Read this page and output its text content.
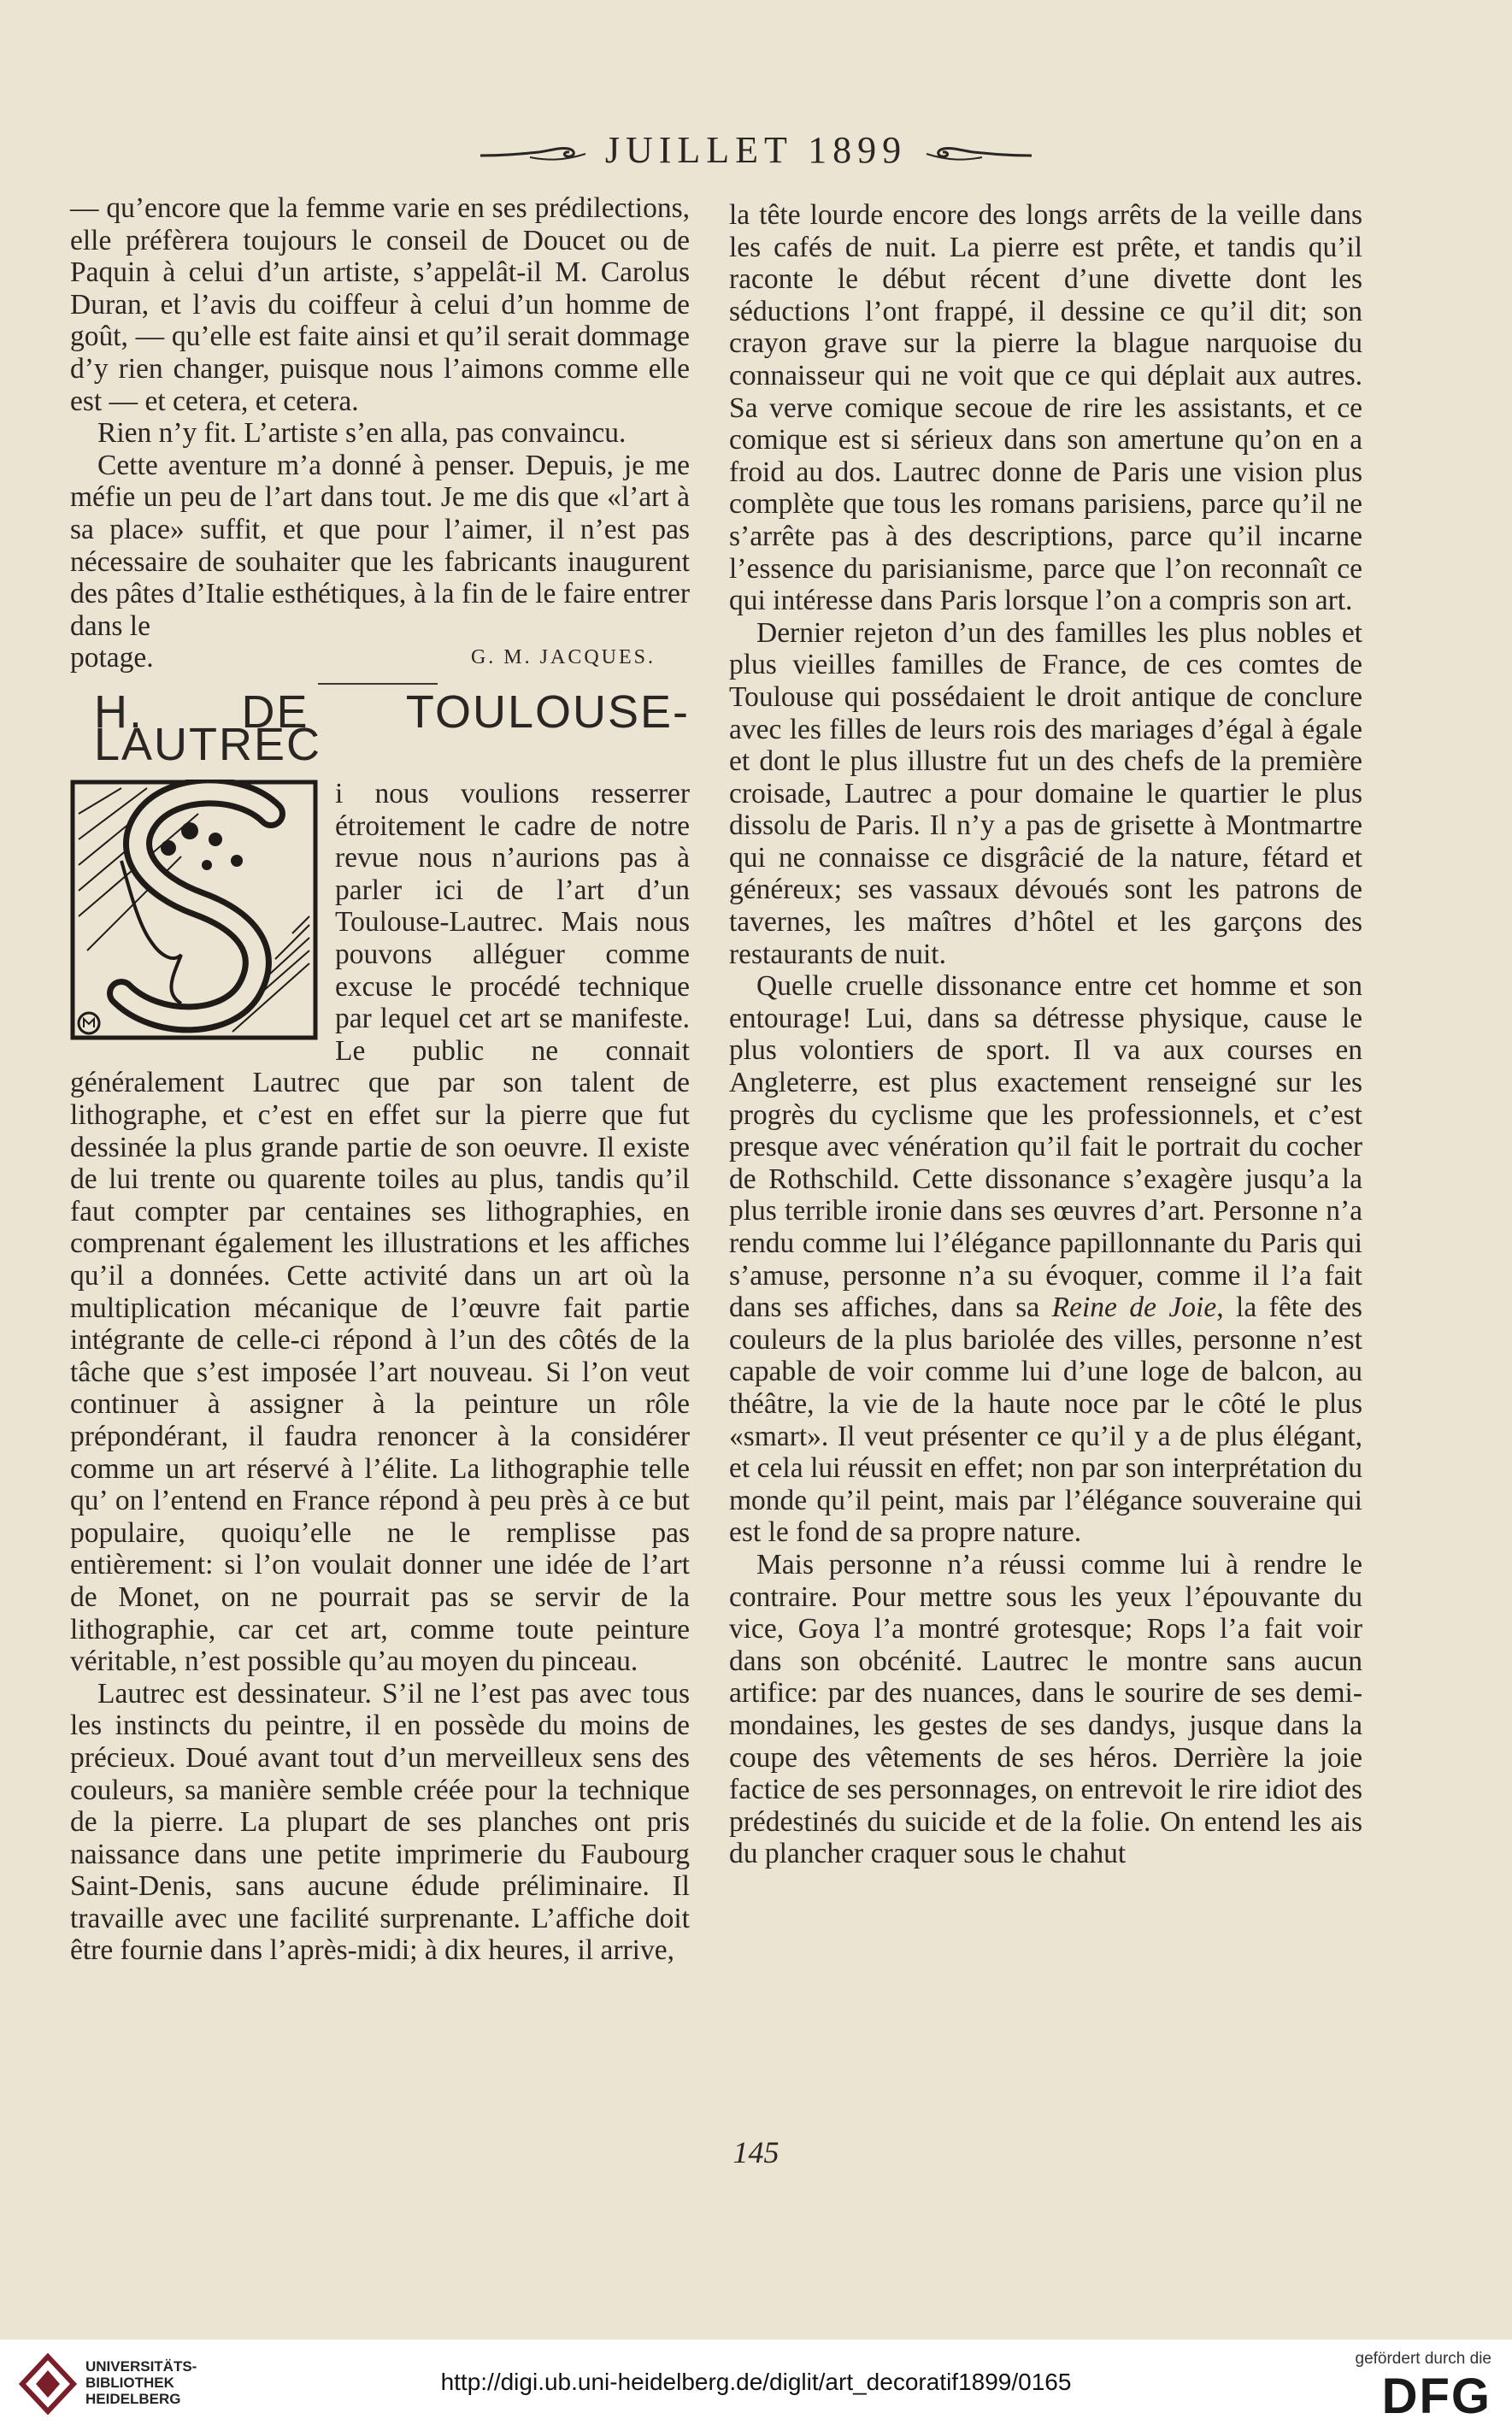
JUILLET 1899

— qu’encore que la femme varie en ses prédilections, elle préfèrera toujours le conseil de Doucet ou de Paquin à celui d’un artiste, s’appelât-il M. Carolus Duran, et l’avis du coiffeur à celui d’un homme de goût, — qu’elle est faite ainsi et qu’il serait dommage d’y rien changer, puisque nous l’aimons comme elle est — et cetera, et cetera.

Rien n’y fit. L’artiste s’en alla, pas convaincu.

Cette aventure m’a donné à penser. Depuis, je me méfie un peu de l’art dans tout. Je me dis que «l’art à sa place» suffit, et que pour l’aimer, il n’est pas nécessaire de souhaiter que les fabricants inaugurent des pâtes d’Italie esthétiques, à la fin de le faire entrer dans le

potage.	G. M. JACQUES.
H. DE TOULOUSE-LAUTREC

i nous voulions resserrer étroitement le cadre de notre revue nous n’aurions pas à parler ici de l’art d’un Toulouse-Lautrec. Mais nous pouvons alléguer comme excuse le procédé technique par lequel cet art se manifeste. Le public ne connait généralement Lautrec que par son talent de lithographe, et c’est en effet sur la pierre que fut dessinée la plus grande partie de son oeuvre. Il existe de lui trente ou quarente toiles au plus, tandis qu’il faut compter par centaines ses lithographies, en comprenant également les illustrations et les affiches qu’il a données. Cette activité dans un art où la multiplication mécanique de l’œuvre fait partie intégrante de celle-ci répond à l’un des côtés de la tâche que s’est imposée l’art nouveau. Si l’on veut continuer à assigner à la peinture un rôle prépondérant, il faudra renoncer à la considérer comme un art réservé à l’élite. La lithographie telle qu’ on l’entend en France répond à peu près à ce but populaire, quoiqu’elle ne le remplisse pas entièrement: si l’on voulait donner une idée de l’art de Monet, on ne pourrait pas se servir de la lithographie, car cet art, comme toute peinture véritable, n’est possible qu’au moyen du pinceau.

Lautrec est dessinateur. S’il ne l’est pas avec tous les instincts du peintre, il en possède du moins de précieux. Doué avant tout d’un merveilleux sens des couleurs, sa manière semble créée pour la technique de la pierre. La plupart de ses planches ont pris naissance dans une petite imprimerie du Faubourg Saint-Denis, sans aucune édude préliminaire. Il travaille avec une facilité surprenante. L’affiche doit être fournie dans l’après-midi; à dix heures, il arrive,

la tête lourde encore des longs arrêts de la veille dans les cafés de nuit. La pierre est prête, et tandis qu’il raconte le début récent d’une divette dont les séductions l’ont frappé, il dessine ce qu’il dit; son crayon grave sur la pierre la blague narquoise du connaisseur qui ne voit que ce qui déplait aux autres. Sa verve comique secoue de rire les assistants, et ce comique est si sérieux dans son amertune qu’on en a froid au dos. Lautrec donne de Paris une vision plus complète que tous les romans parisiens, parce qu’il ne s’arrête pas à des descriptions, parce qu’il incarne l’essence du parisianisme, parce que l’on reconnaît ce qui intéresse dans Paris lorsque l’on a compris son art.

Dernier rejeton d’un des familles les plus nobles et plus vieilles familles de France, de ces comtes de Toulouse qui possédaient le droit antique de conclure avec les filles de leurs rois des mariages d’égal à égale et dont le plus illustre fut un des chefs de la première croisade, Lautrec a pour domaine le quartier le plus dissolu de Paris. Il n’y a pas de grisette à Montmartre qui ne connaisse ce disgrâcié de la nature, fétard et généreux; ses vassaux dévoués sont les patrons de tavernes, les maîtres d’hôtel et les garçons des restaurants de nuit.

Quelle cruelle dissonance entre cet homme et son entourage! Lui, dans sa détresse physique, cause le plus volontiers de sport. Il va aux courses en Angleterre, est plus exactement renseigné sur les progrès du cyclisme que les professionnels, et c’est presque avec vénération qu’il fait le portrait du cocher de Rothschild. Cette dissonance s’exagère jusqu’a la plus terrible ironie dans ses œuvres d’art. Personne n’a rendu comme lui l’élégance papillonnante du Paris qui s’amuse, personne n’a su évoquer, comme il l’a fait dans ses affiches, dans sa Reine de Joie, la fête des couleurs de la plus bariolée des villes, personne n’est capable de voir comme lui d’une loge de balcon, au théâtre, la vie de la haute noce par le côté le plus «smart». Il veut présenter ce qu’il y a de plus élégant, et cela lui réussit en effet; non par son interprétation du monde qu’il peint, mais par l’élégance souveraine qui est le fond de sa propre nature.

Mais personne n’a réussi comme lui à rendre le contraire. Pour mettre sous les yeux l’épouvante du vice, Goya l’a montré grotesque; Rops l’a fait voir dans son obcénité. Lautrec le montre sans aucun artifice: par des nuances, dans le sourire de ses demi-mondaines, les gestes de ses dandys, jusque dans la coupe des vêtements de ses héros. Derrière la joie factice de ses personnages, on entrevoit le rire idiot des prédestinés du suicide et de la folie. On entend les ais du plancher craquer sous le chahut

145
UNIVERSITÄTS-
BIBLIOTHEK
HEIDELBERG
http://digi.ub.uni-heidelberg.de/diglit/art_decoratif1899/0165
gefördert durch die
DFG
